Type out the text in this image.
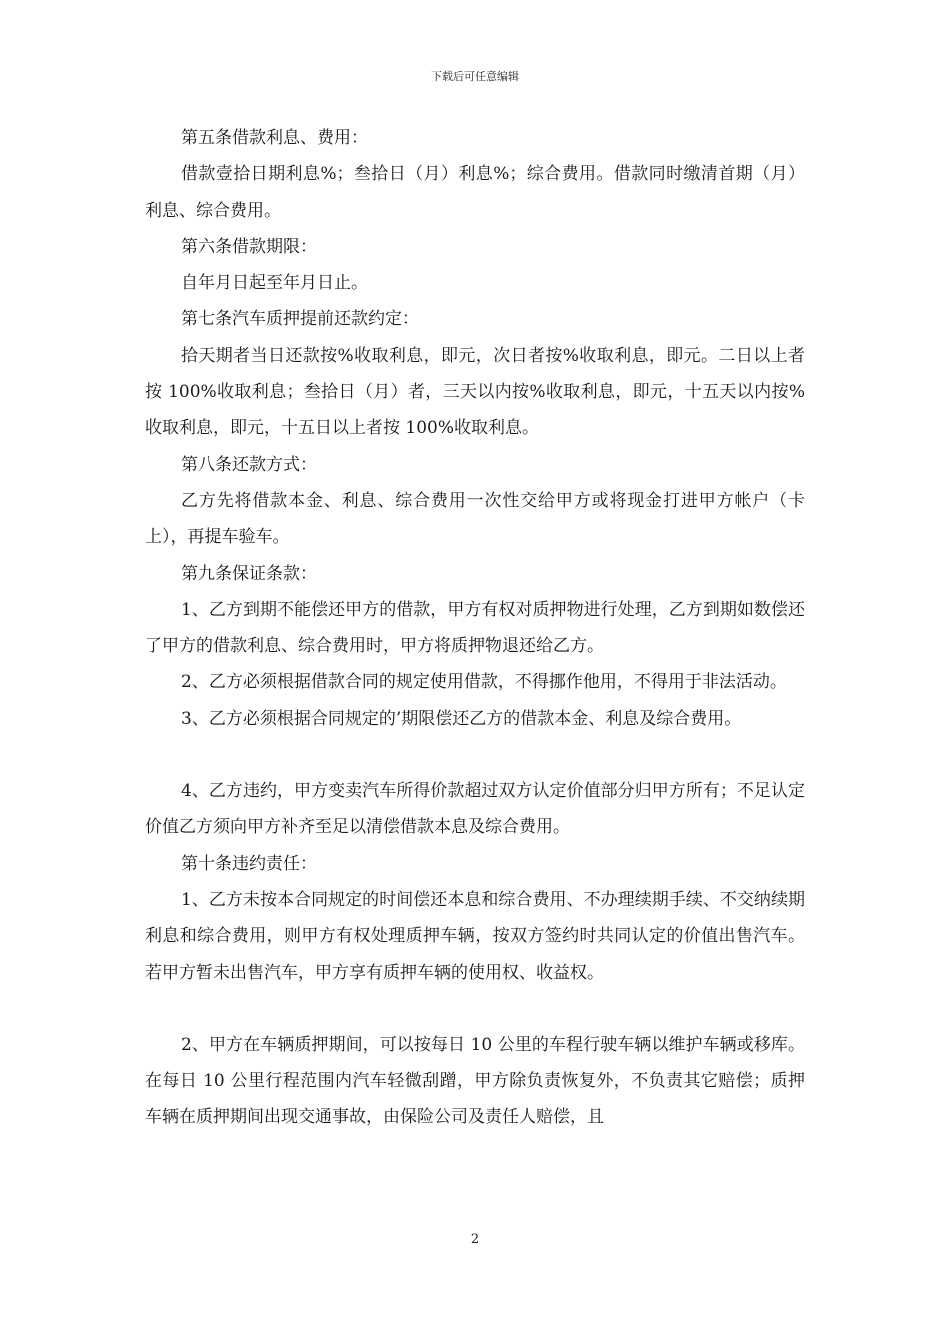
下载后可任意编辑

第五条借款利息、费用：

借款壹拾日期利息%；叁拾日（月）利息%；综合费用。借款同时缴清首期（月）利息、综合费用。

第六条借款期限：

自年月日起至年月日止。

第七条汽车质押提前还款约定：

拾天期者当日还款按%收取利息，即元，次日者按%收取利息，即元。二日以上者按 100%收取利息；叁拾日（月）者，三天以内按%收取利息，即元，十五天以内按%收取利息，即元，十五日以上者按 100%收取利息。

第八条还款方式：

乙方先将借款本金、利息、综合费用一次性交给甲方或将现金打进甲方帐户（卡上），再提车验车。

第九条保证条款：

1、乙方到期不能偿还甲方的借款，甲方有权对质押物进行处理，乙方到期如数偿还了甲方的借款利息、综合费用时，甲方将质押物退还给乙方。

2、乙方必须根据借款合同的规定使用借款，不得挪作他用，不得用于非法活动。

3、乙方必须根据合同规定的’期限偿还乙方的借款本金、利息及综合费用。

4、乙方违约，甲方变卖汽车所得价款超过双方认定价值部分归甲方所有；不足认定价值乙方须向甲方补齐至足以清偿借款本息及综合费用。

第十条违约责任：

1、乙方未按本合同规定的时间偿还本息和综合费用、不办理续期手续、不交纳续期利息和综合费用，则甲方有权处理质押车辆，按双方签约时共同认定的价值出售汽车。若甲方暂未出售汽车，甲方享有质押车辆的使用权、收益权。

2、甲方在车辆质押期间，可以按每日 10 公里的车程行驶车辆以维护车辆或移库。在每日 10 公里行程范围内汽车轻微刮蹭，甲方除负责恢复外，不负责其它赔偿；质押车辆在质押期间出现交通事故，由保险公司及责任人赔偿，且

2
